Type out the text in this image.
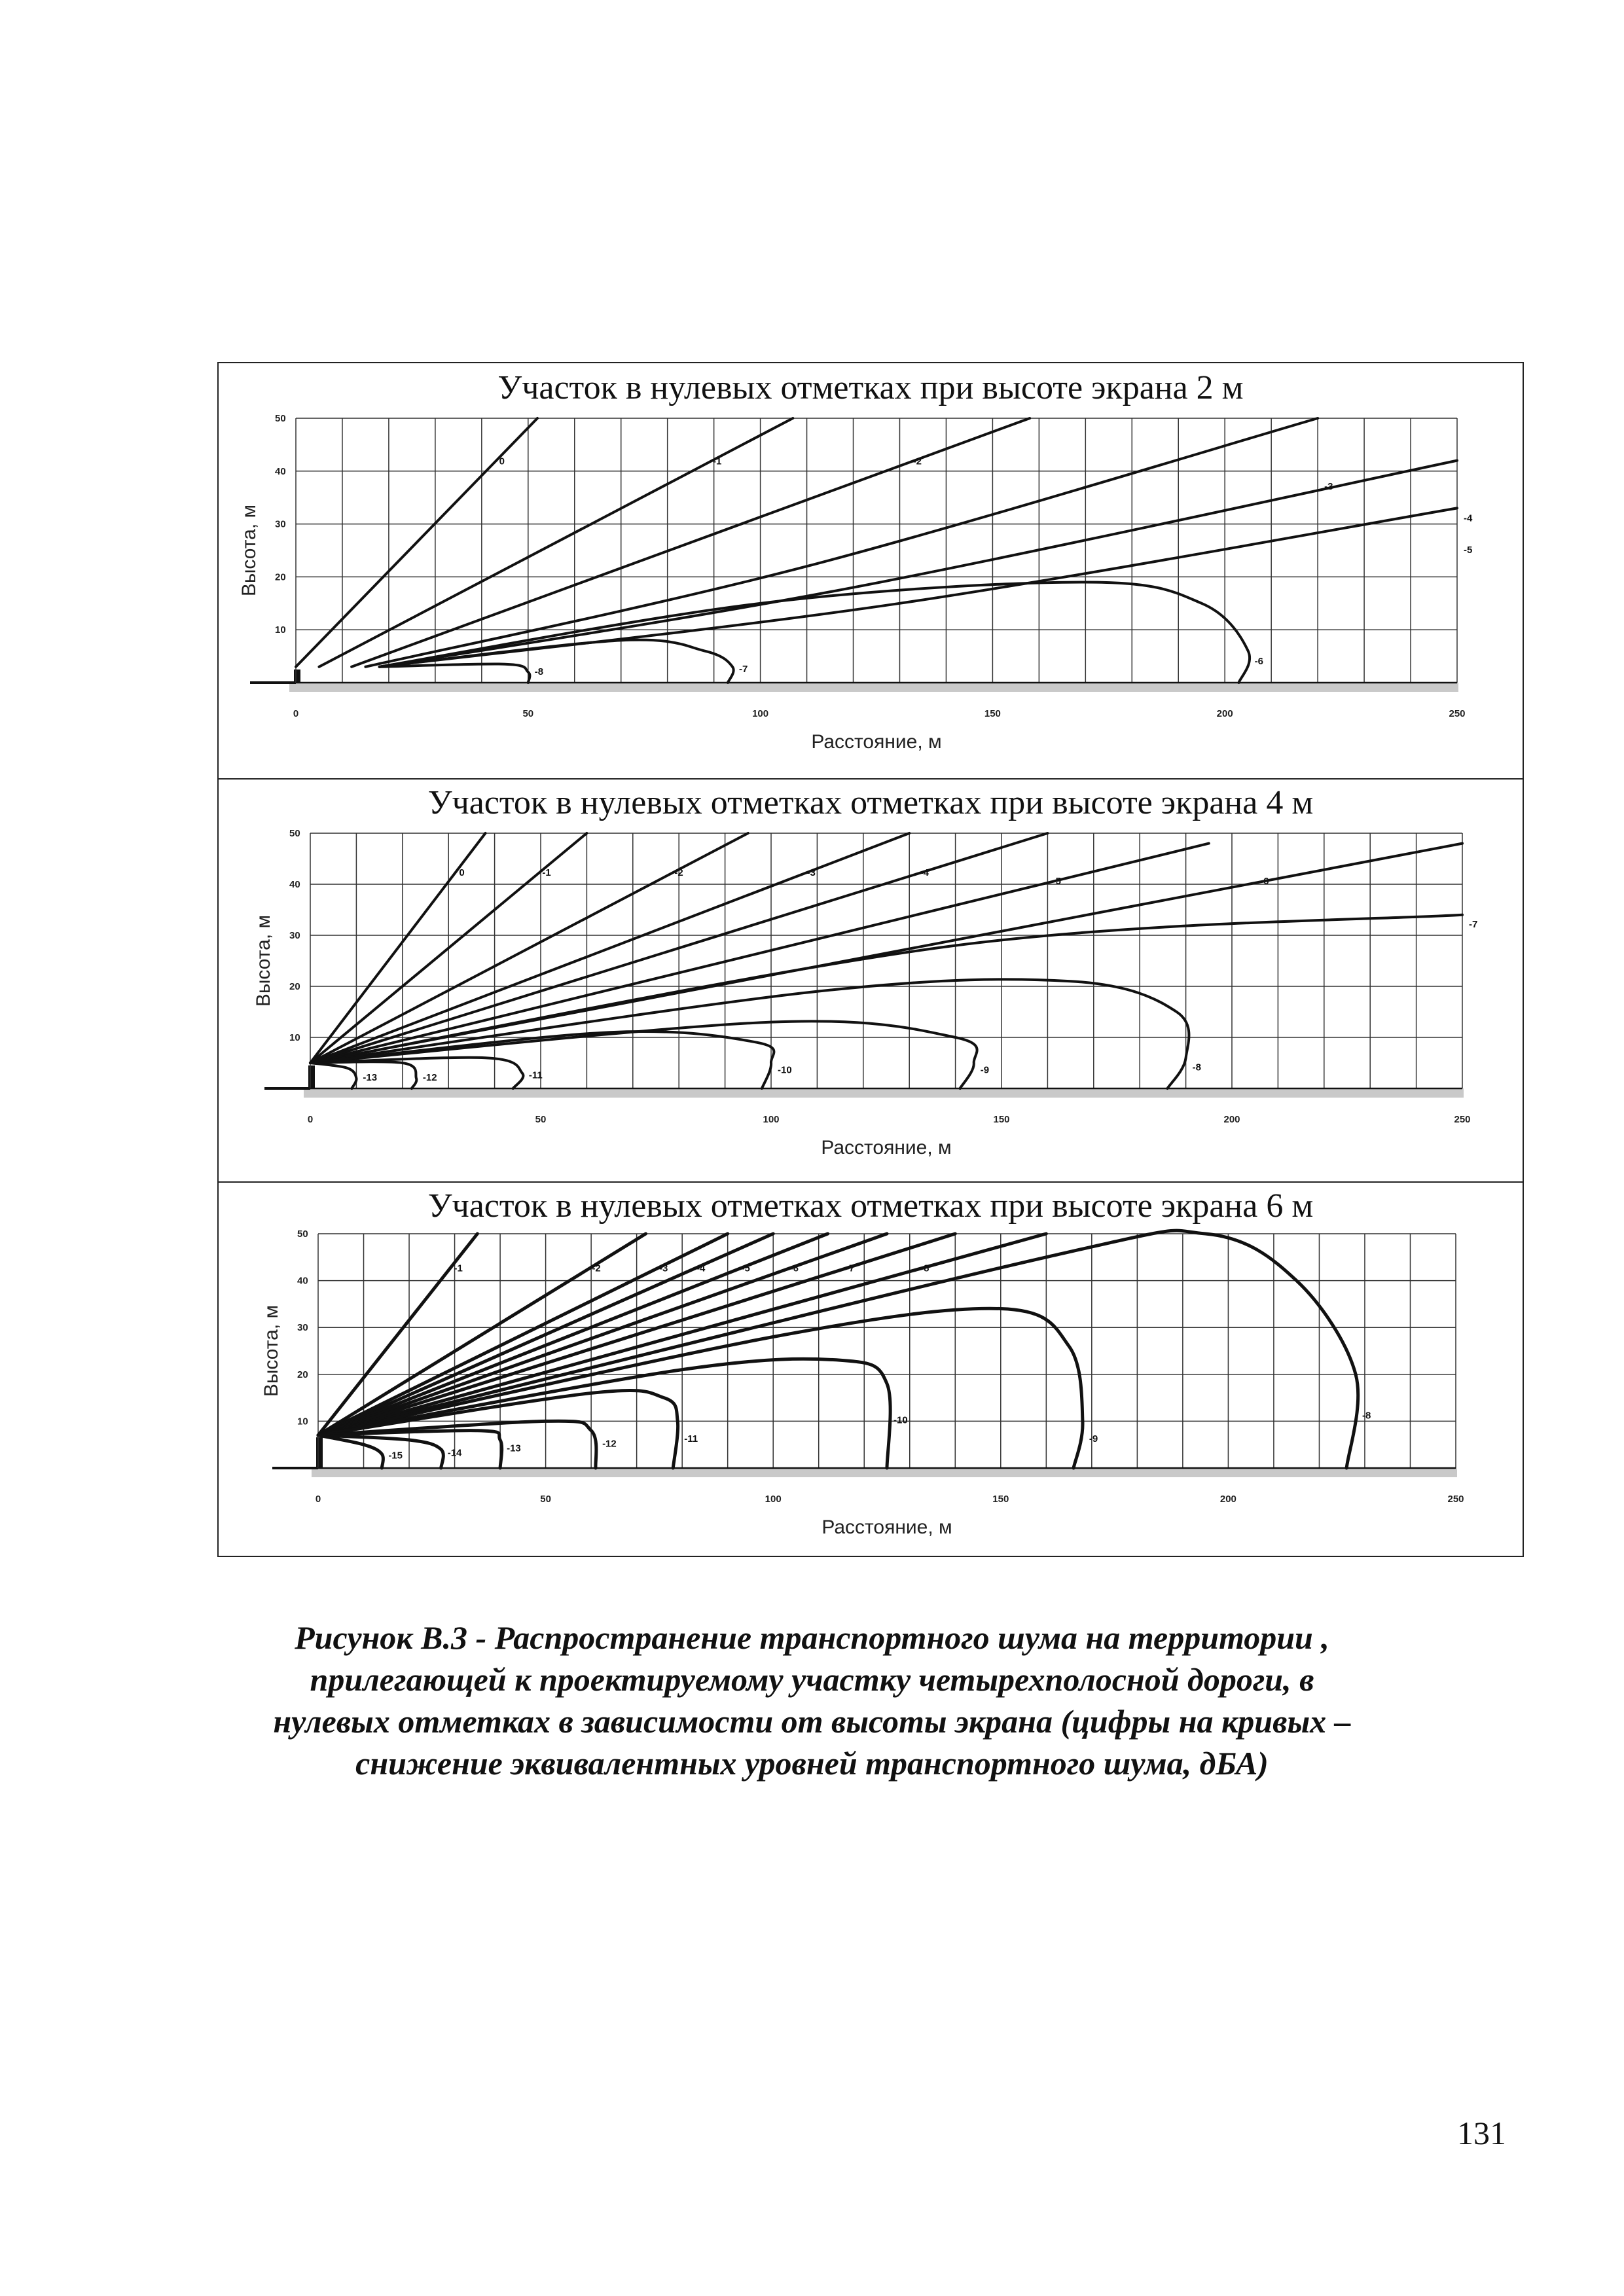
Участок в нулевых отметках при высоте экрана 2 м
10
20
30
40
50
0	50	100	150	200	250
Расстояние, м
Высота, м
0	-1	-2
-3
-4
-5
-6
-7
-8
Участок в нулевых отметках отметках при высоте экрана 4 м
10
20
30
40
50
0	50	100	150	200	250
Расстояние, м
Высота, м
0	-1	-2	-3	-4
-5	-6
-7
-8
-9
-10
-11
-12
-13
Участок в нулевых отметках отметках при высоте экрана 6 м
10
20
30
40
50
0	50	100	150	200	250
Расстояние, м
Высота, м
-1	-2	-3	-4	-5	-6	-7	-8
-8
-9
-10
-11
-12
-13
-14
-15
Рисунок В.3 - Распространение транспортного шума на территории ,
прилегающей к проектируемому участку четырехполосной дороги, в
нулевых отметках в зависимости от высоты экрана (цифры на кривых –
снижение эквивалентных уровней транспортного шума, дБА)
131
